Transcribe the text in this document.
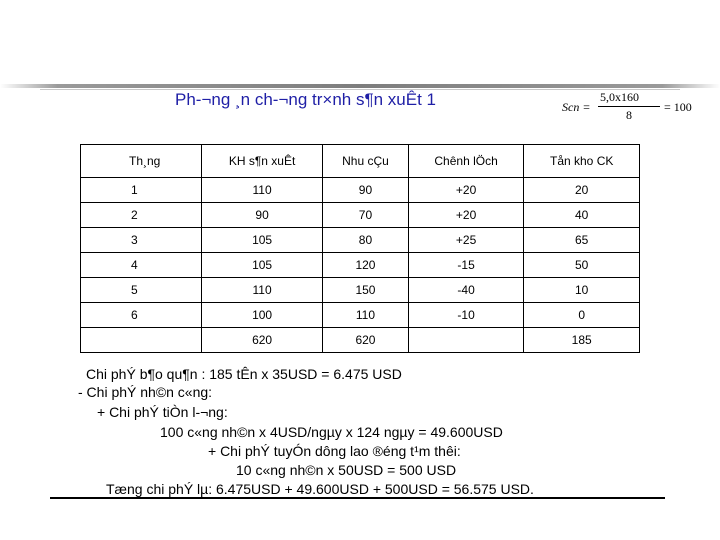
Ph-¬ng ¸n ch-¬ng tr×nh s¶n xuÊt 1	Scn =
5,0x160
8
= 100
Th¸ng	KH s¶n xuÊt	Nhu cÇu	Chênh lÖch	Tån kho CK
1	110	90	+20	20
2	90	70	+20	40
3	105	80	+25	65
4	105	120	-15	50
5	110	150	-40	10
6	100	110	-10	0
	620	620		185
Chi phÝ b¶o qu¶n : 185 tÊn x 35USD = 6.475 USD
- Chi phÝ nh©n c«ng:
+ Chi phÝ tiÒn l-¬ng:
100 c«ng nh©n x 4USD/ngµy x 124 ngµy = 49.600USD
+ Chi phÝ tuyÓn dông lao ®éng t¹m thêi:
10 c«ng nh©n x 50USD = 500 USD
Tæng chi phÝ lµ: 6.475USD + 49.600USD + 500USD = 56.575 USD.
